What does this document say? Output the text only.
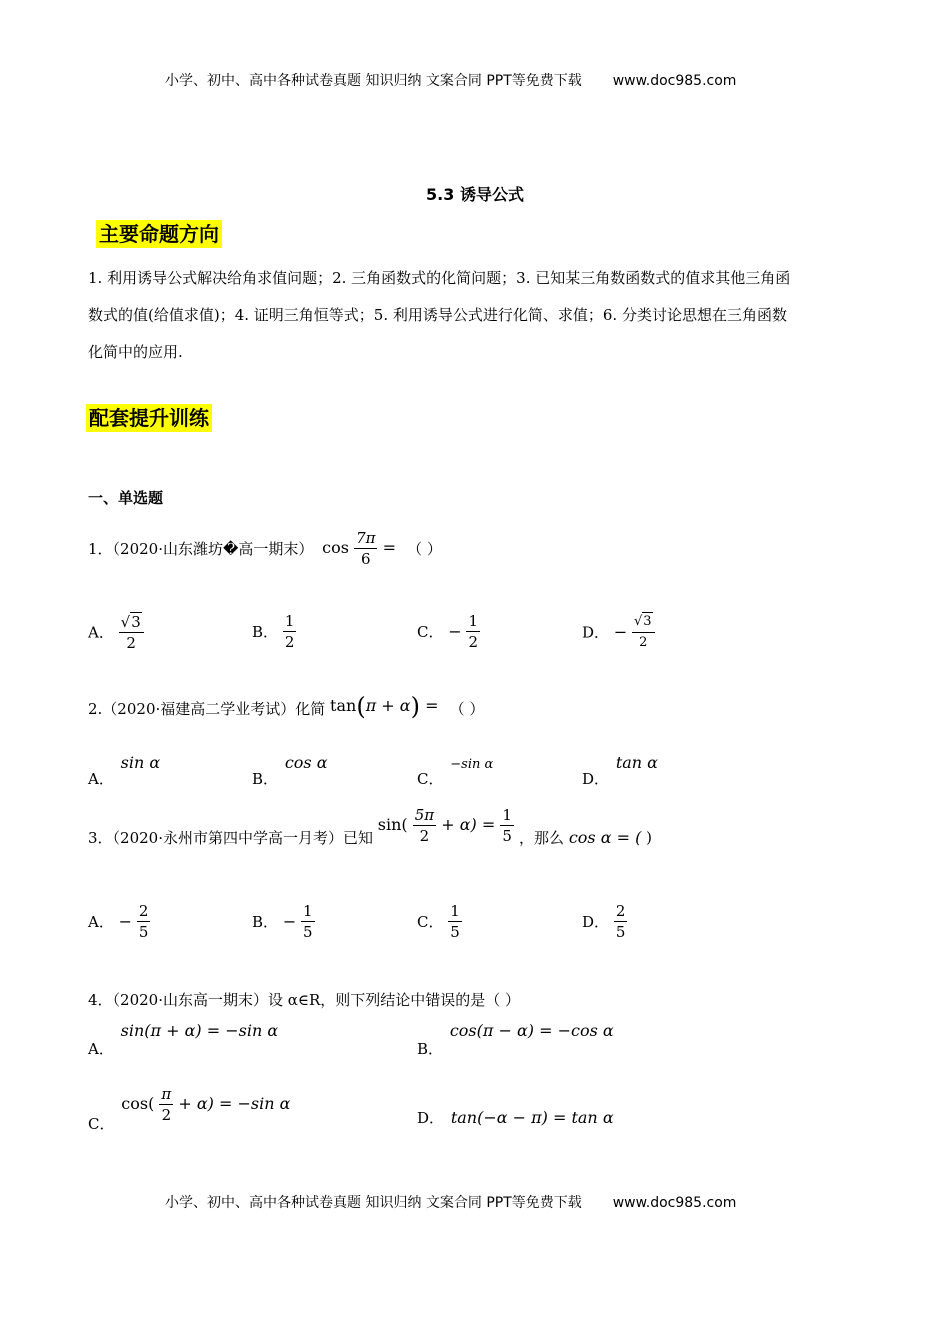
小学、初中、高中各种试卷真题 知识归纳 文案合同 PPT等免费下载 www.doc985.com
5.3 诱导公式
主要命题方向
1. 利用诱导公式解决给角求值问题；2. 三角函数式的化简问题；3. 已知某三角数函数式的值求其他三角函
数式的值(给值求值)；4. 证明三角恒等式；5. 利用诱导公式进行化简、求值；6. 分类讨论思想在三角函数
化简中的应用.
配套提升训练
一、单选题
1．（2020·山东潍坊�高一期末） $\cos \frac{7\pi}{6}$ = （ ）
A． $\frac{√ 3}{2}$	B． $\frac{1}{2}$	C． − $\frac{1}{2}$	D． − $\frac{√ 3}{2}$
2.（2020·福建高二学业考试）化简 tan(π + α) = （ ）
A． sin α
B． cos α
C． −sin α
D． tan α
3．（2020·永州市第四中学高一月考）已知 $\sin( \frac{5\pi}{2} + \alpha) = \frac{1}{5}$ ，那么 cos α = ( )
A． − $\frac{2}{5}$	B． − $\frac{1}{5}$	C． $\frac{1}{5}$	D． $\frac{2}{5}$
4．（2020·山东高一期末）设 α∈R，则下列结论中错误的是（ ）
A． sin(π + α) = −sin α
B． cos(π − α) = −cos α
C． $\cos( \frac{\pi}{2} + \alpha) = -\sin$ α
D． tan(−α − π) = tan α
小学、初中、高中各种试卷真题 知识归纳 文案合同 PPT等免费下载 www.doc985.com
